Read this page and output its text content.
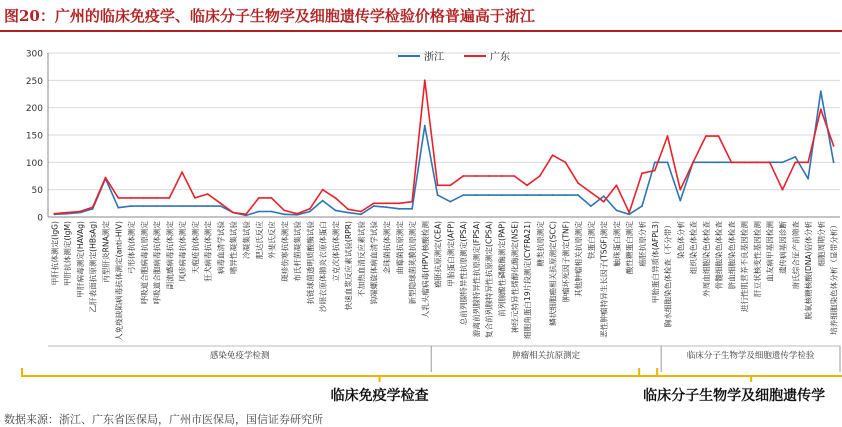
图20：广州的临床免疫学、临床分子生物学及细胞遗传学检验价格普遍高于浙江
0
50
100
150
200
250
300
甲肝抗体测定(IgG) 甲肝抗体测定(IgM) 甲肝病毒测定(HAVAg) 乙肝表面抗原测定(HBsAg) 丙型肝炎RNA测定 人免疫缺陷病毒抗体测定(anti-HIV) 弓形体抗体测定 呼吸道合胞病毒抗原测定 呼吸道合胞病毒抗体测定 副流感病毒抗体测定 风疹病毒抗体测定 天疱疮抗体测定 狂犬病毒抗体测定 病毒血清学试验 嗜异性凝集试验 冷凝集试验 肥达氏反应 外斐氏反应 斑疹伤寒抗体测定 布氏杆菌凝集试验 抗链球菌透明质酸酶试验 沙眼衣原体肺炎衣原体蛋白 立克次体抗体测定 快速血浆反应素试验(RPR) 不加热血清反应素试验 钩端螺旋体病血清学试验 念珠菌抗体测定 曲霉菌抗原测定 新型隐球菌荚膜抗原测定 人乳头瘤病毒(HPV)核酸检测 癌胚抗原测定(CEA) 甲胎蛋白测定(AFP) 总前列腺特异性抗原测定(PSA) 游离前列腺特异性抗原测定(FPSA) 复合前列腺特异性抗原测定(CPSA) 前列腺酸性磷酸酶测定(PAP) 神经元特异性烯醇化酶测定(NSE) 细胞角蛋白19片段测定(CYFRA21) 糖类抗原测定 鳞状细胞癌相关抗原测定(SCC) 肿瘤坏死因子测定(TNF) 其他肿瘤相关抗原测定 铁蛋白测定 恶性肿瘤特异生长因子(TSGF)测定 触珠蛋白测定 酸性糖蛋白测定 癌胚抗原分析 甲胎蛋白异质体(AFPL3) 胸水细胞染色体检查（不分带） 染色体分析 组织染色体检查 外周血细胞染色体检查 骨髓细胞染色体检查 脐血细胞染色体检查 进行性肌营养不良基因检测 肝豆状核变性基因检测 血友病甲基因检测 遗传病基因诊断 唐氏综合征产前筛查 脱氧核糖核酸(DNA)倍体分析 细胞周期分析 培养细胞染色体分析（显带分析）
浙江	广东
感染免疫学检测	肿瘤相关抗原测定	临床分子生物学及细胞遗传学检验
临床免疫学检查	临床分子生物学及细胞遗传学
数据来源：浙江、广东省医保局，广州市医保局，国信证券研究所
